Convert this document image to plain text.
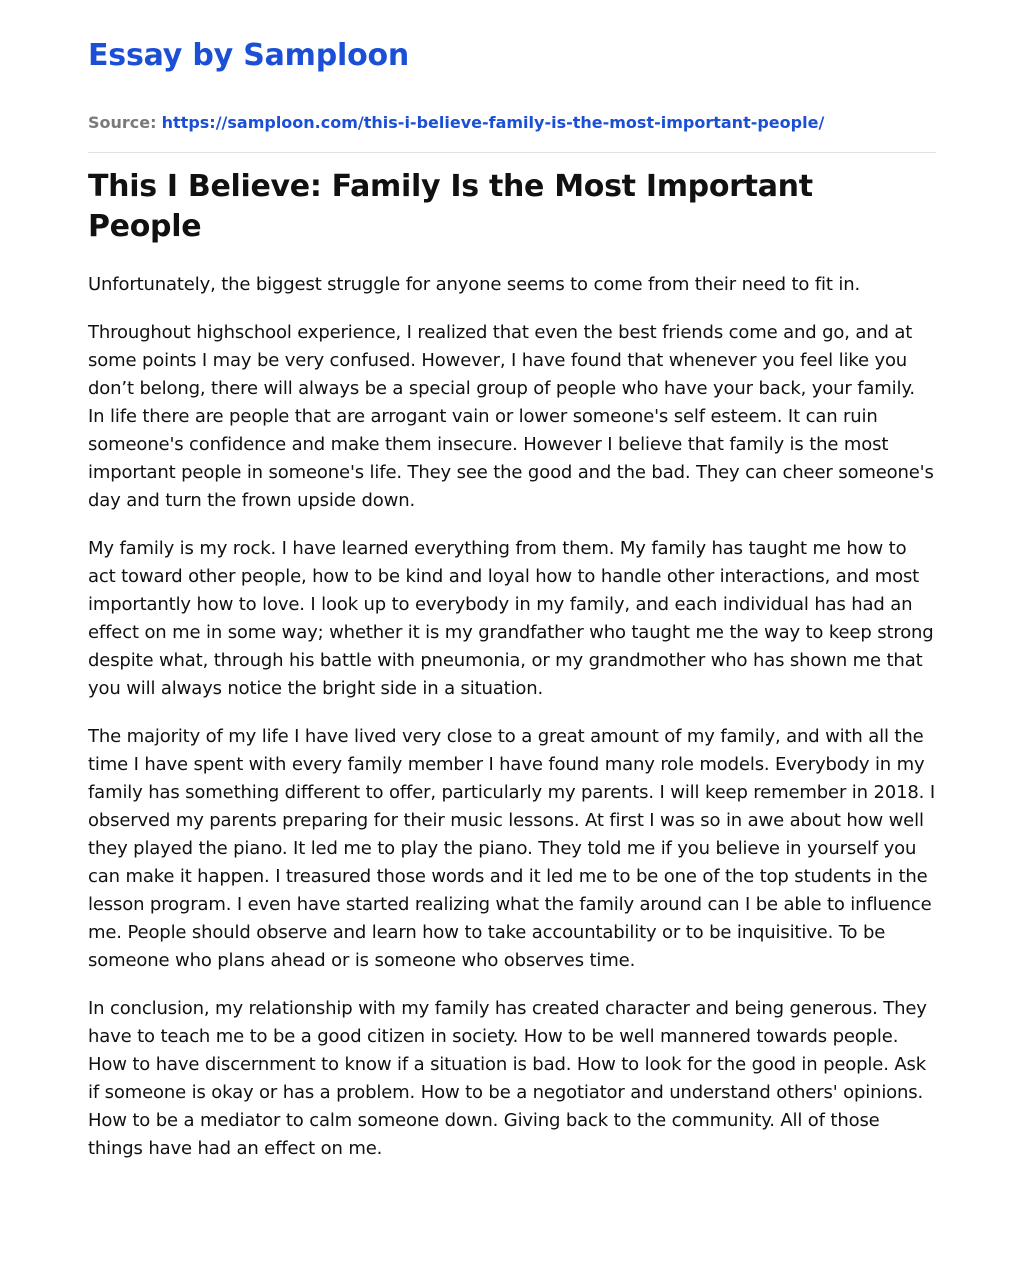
Essay by Samploon
Source: https://samploon.com/this-i-believe-family-is-the-most-important-people/
This I Believe: Family Is the Most Important People

Unfortunately, the biggest struggle for anyone seems to come from their need to fit in.

Throughout highschool experience, I realized that even the best friends come and go, and at some points I may be very confused. However, I have found that whenever you feel like you don’t belong, there will always be a special group of people who have your back, your family. In life there are people that are arrogant vain or lower someone's self esteem. It can ruin someone's confidence and make them insecure. However I believe that family is the most important people in someone's life. They see the good and the bad. They can cheer someone's day and turn the frown upside down.

My family is my rock. I have learned everything from them. My family has taught me how to act toward other people, how to be kind and loyal how to handle other interactions, and most importantly how to love. I look up to everybody in my family, and each individual has had an effect on me in some way; whether it is my grandfather who taught me the way to keep strong despite what, through his battle with pneumonia, or my grandmother who has shown me that you will always notice the bright side in a situation.

The majority of my life I have lived very close to a great amount of my family, and with all the time I have spent with every family member I have found many role models. Everybody in my family has something different to offer, particularly my parents. I will keep remember in 2018. I observed my parents preparing for their music lessons. At first I was so in awe about how well they played the piano. It led me to play the piano. They told me if you believe in yourself you can make it happen. I treasured those words and it led me to be one of the top students in the lesson program. I even have started realizing what the family around can I be able to influence me. People should observe and learn how to take accountability or to be inquisitive. To be someone who plans ahead or is someone who observes time.

In conclusion, my relationship with my family has created character and being generous. They have to teach me to be a good citizen in society. How to be well mannered towards people. How to have discernment to know if a situation is bad. How to look for the good in people. Ask if someone is okay or has a problem. How to be a negotiator and understand others' opinions. How to be a mediator to calm someone down. Giving back to the community. All of those things have had an effect on me.
